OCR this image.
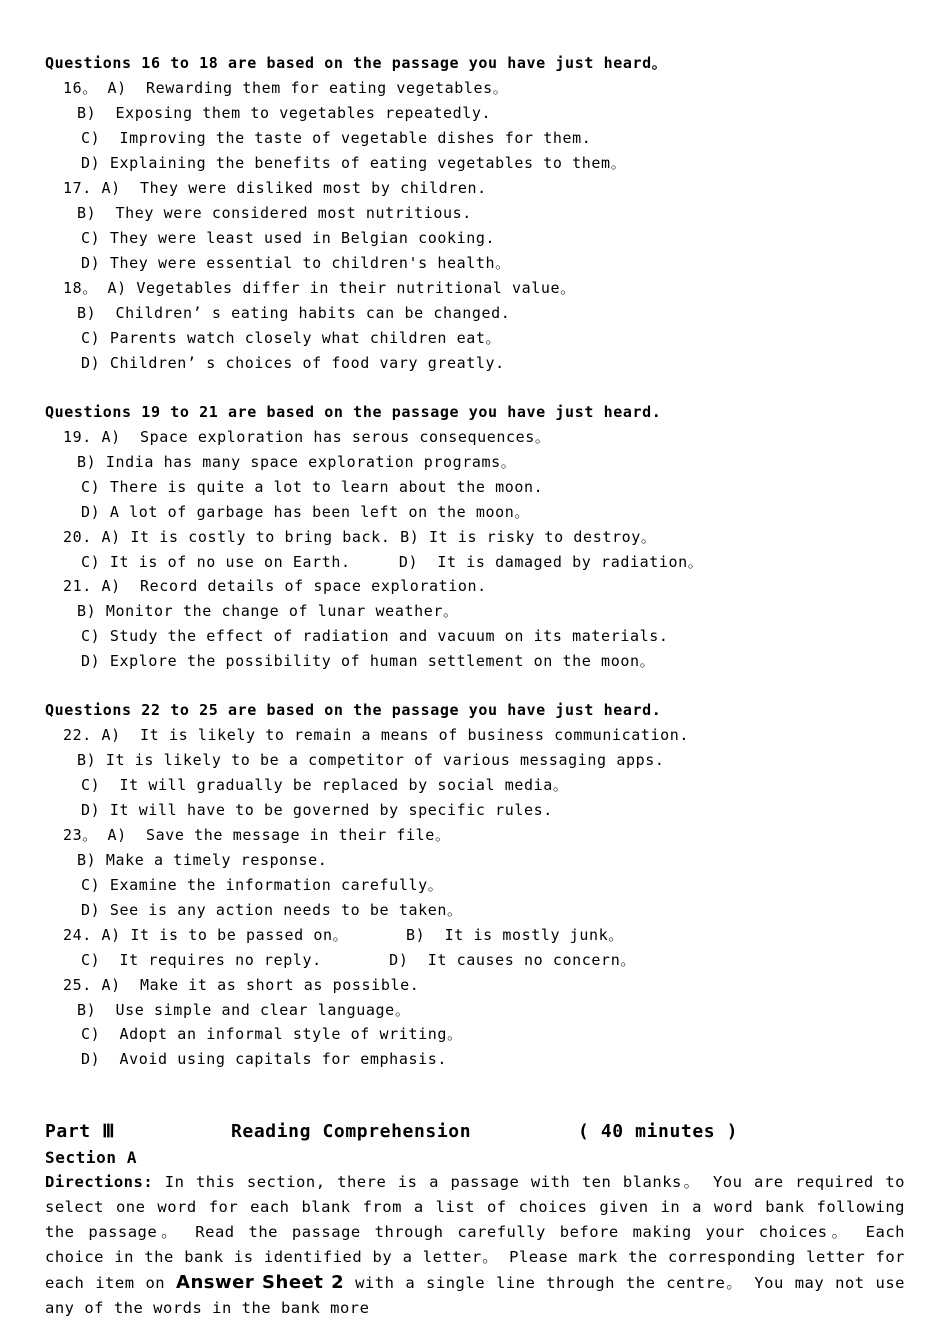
Questions 16 to 18 are based on the passage you have just heard。
16。 A)  Rewarding them for eating vegetables。
B)  Exposing them to vegetables repeatedly.
C)  Improving the taste of vegetable dishes for them.
D) Explaining the benefits of eating vegetables to them。
17. A)  They were disliked most by children.
B)  They were considered most nutritious.
C) They were least used in Belgian cooking.
D) They were essential to children's health。
18。 A) Vegetables differ in their nutritional value。
B)  Children’ s eating habits can be changed.
C) Parents watch closely what children eat。
D) Children’ s choices of food vary greatly.
Questions 19 to 21 are based on the passage you have just heard.
19. A)  Space exploration has serous consequences。
B) India has many space exploration programs。
C) There is quite a lot to learn about the moon.
D) A lot of garbage has been left on the moon。
20. A) It is costly to bring back. B) It is risky to destroy。
C) It is of no use on Earth.     D)  It is damaged by radiation。
21. A)  Record details of space exploration.
B) Monitor the change of lunar weather。
C) Study the effect of radiation and vacuum on its materials.
D) Explore the possibility of human settlement on the moon。
Questions 22 to 25 are based on the passage you have just heard.
22. A)  It is likely to remain a means of business communication.
B) It is likely to be a competitor of various messaging apps.
C)  It will gradually be replaced by social media。
D) It will have to be governed by specific rules.
23。 A)  Save the message in their file。
B) Make a timely response.
C) Examine the information carefully。
D) See is any action needs to be taken。
24. A) It is to be passed on。      B)  It is mostly junk。
C)  It requires no reply.       D)  It causes no concern。
25. A)  Make it as short as possible.
B)  Use simple and clear language。
C)  Adopt an informal style of writing。
D)  Avoid using capitals for emphasis.
Part Ⅲ	Reading Comprehension	( 40 minutes )
Section A
Directions: In this section, there is a passage with ten blanks。 You are required to select one word for each blank from a list of choices given in a word bank following the passage。 Read the passage through carefully before making your choices。 Each choice in the bank is identified by a letter。 Please mark the corresponding letter for each item on Answer Sheet 2 with a single line through the centre。 You may not use any of the words in the bank more
